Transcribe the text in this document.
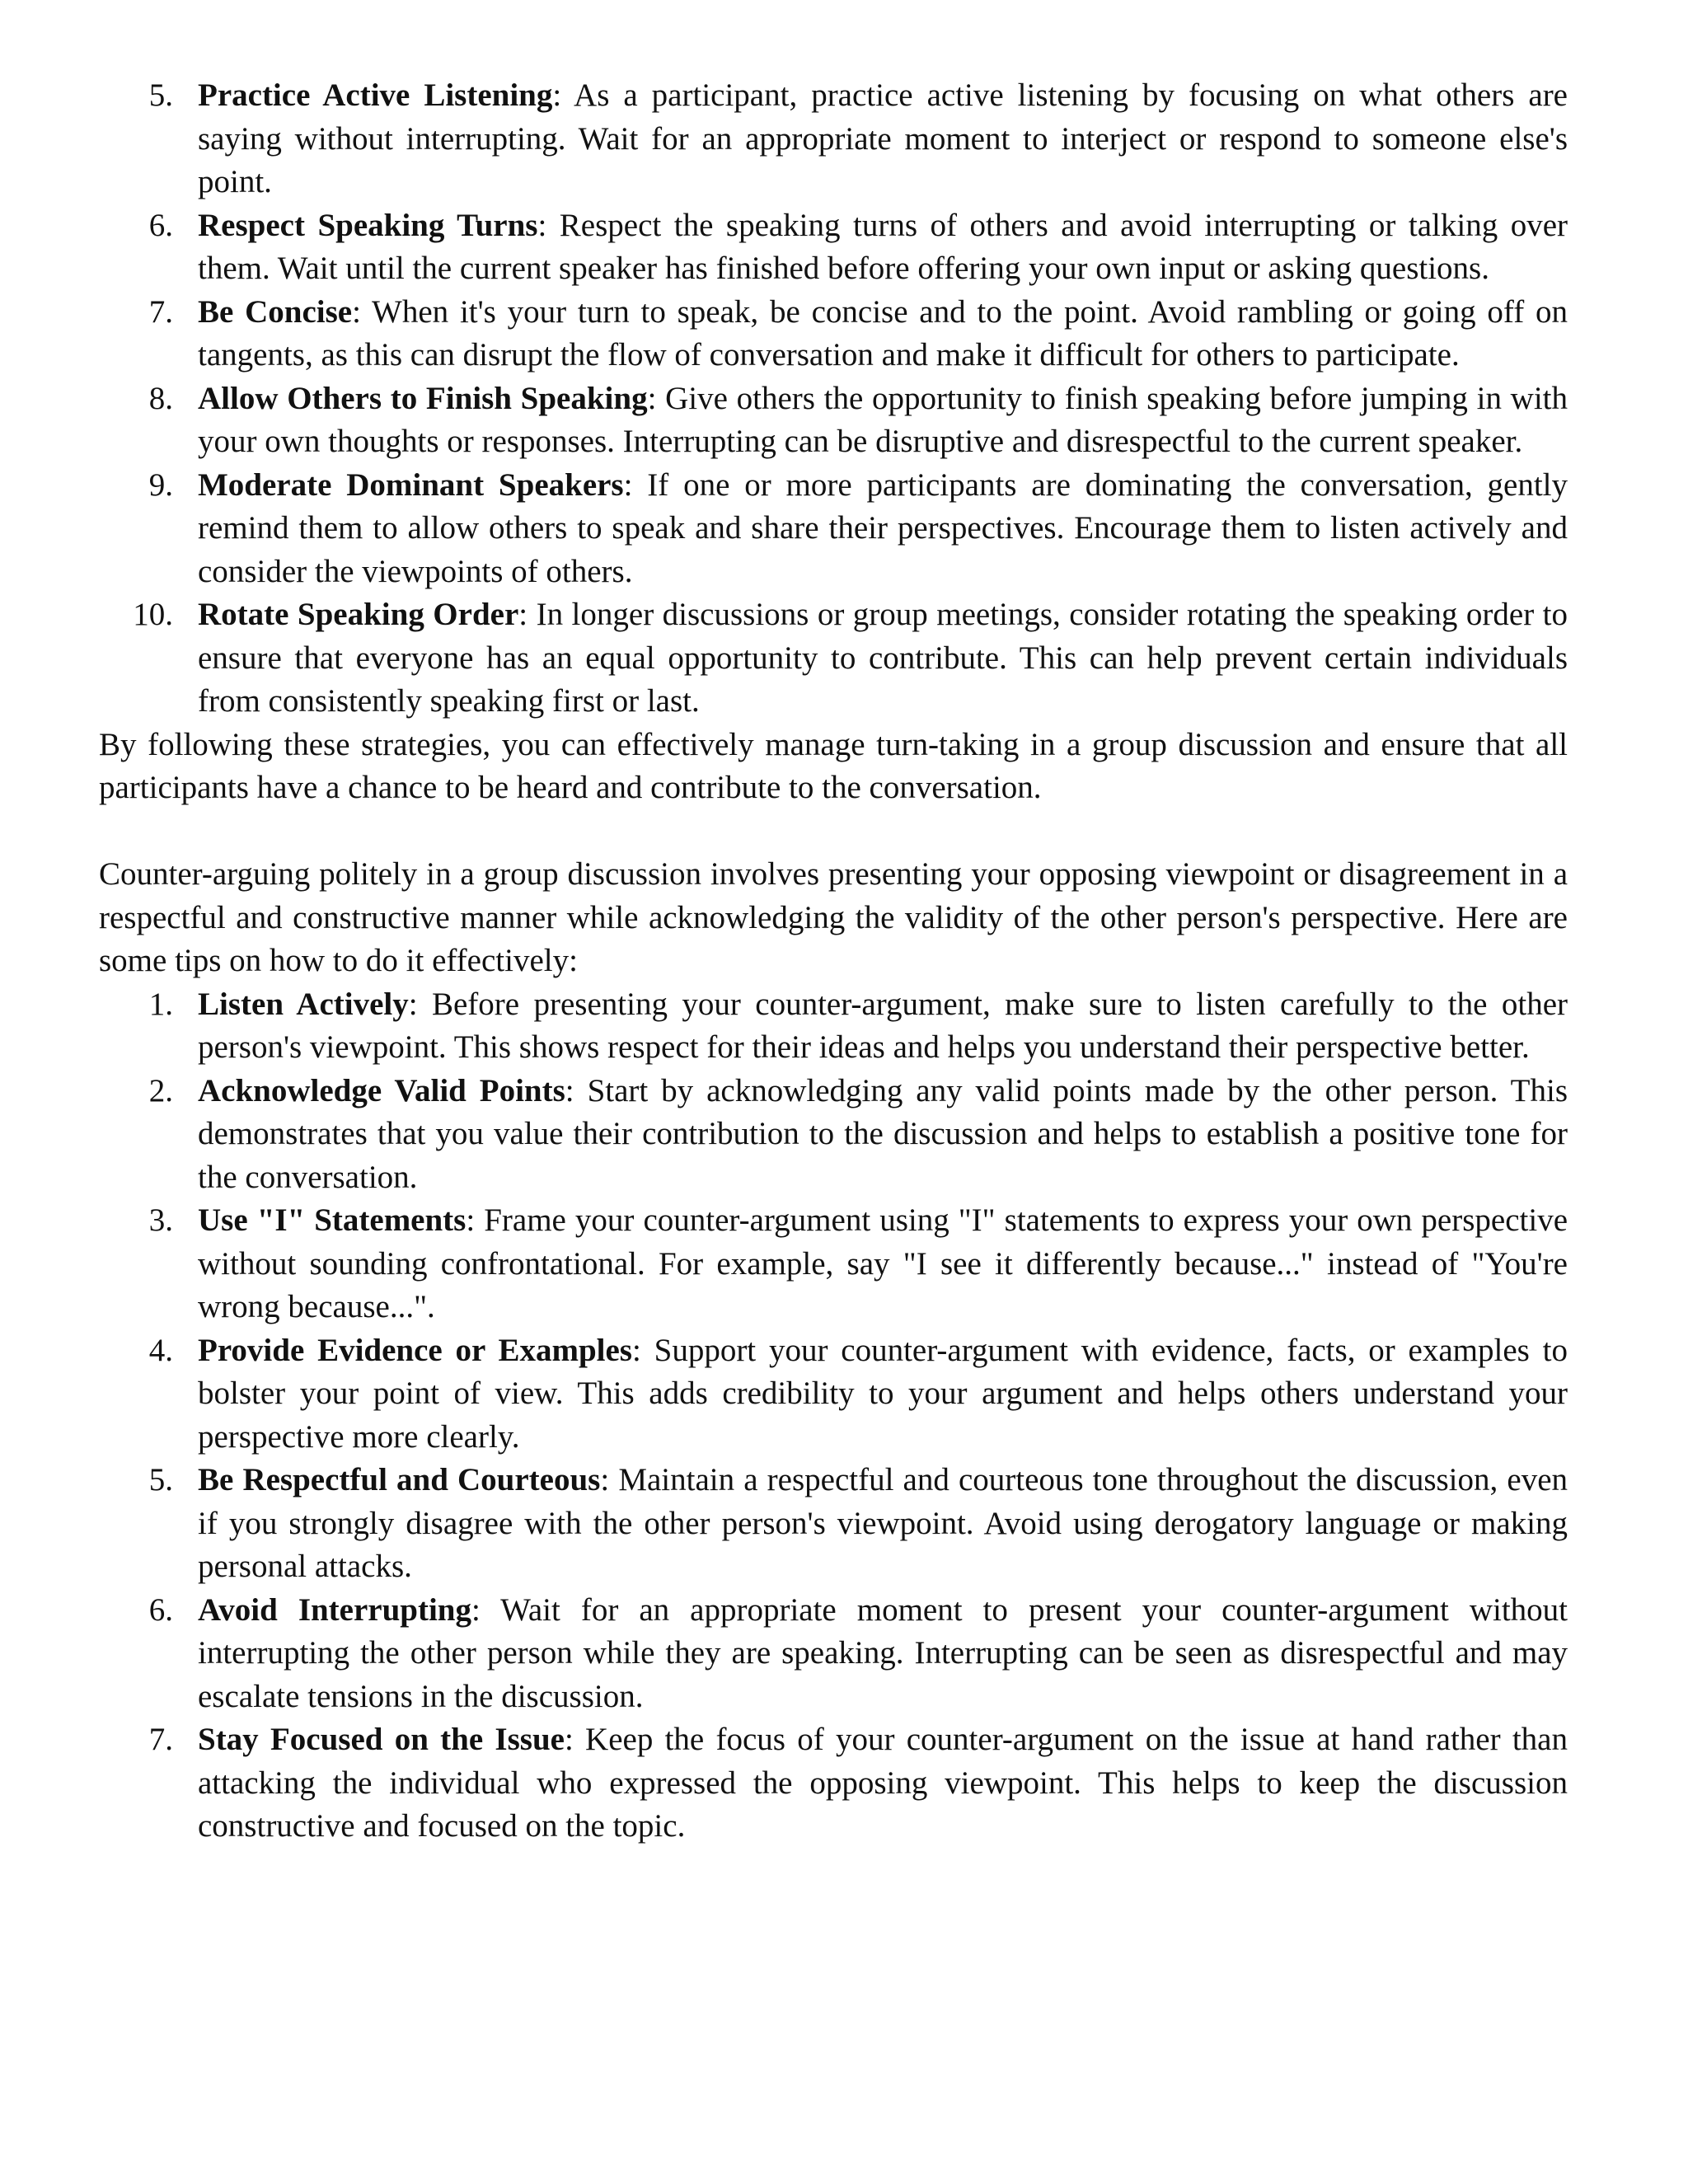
5. Practice Active Listening: As a participant, practice active listening by focusing on what others are saying without interrupting. Wait for an appropriate moment to interject or respond to someone else's point.
6. Respect Speaking Turns: Respect the speaking turns of others and avoid interrupting or talking over them. Wait until the current speaker has finished before offering your own input or asking questions.
7. Be Concise: When it's your turn to speak, be concise and to the point. Avoid rambling or going off on tangents, as this can disrupt the flow of conversation and make it difficult for others to participate.
8. Allow Others to Finish Speaking: Give others the opportunity to finish speaking before jumping in with your own thoughts or responses. Interrupting can be disruptive and disrespectful to the current speaker.
9. Moderate Dominant Speakers: If one or more participants are dominating the conversation, gently remind them to allow others to speak and share their perspectives. Encourage them to listen actively and consider the viewpoints of others.
10. Rotate Speaking Order: In longer discussions or group meetings, consider rotating the speaking order to ensure that everyone has an equal opportunity to contribute. This can help prevent certain individuals from consistently speaking first or last.

By following these strategies, you can effectively manage turn-taking in a group discussion and ensure that all participants have a chance to be heard and contribute to the conversation.

Counter-arguing politely in a group discussion involves presenting your opposing viewpoint or disagreement in a respectful and constructive manner while acknowledging the validity of the other person's perspective. Here are some tips on how to do it effectively:

1. Listen Actively: Before presenting your counter-argument, make sure to listen carefully to the other person's viewpoint. This shows respect for their ideas and helps you understand their perspective better.
2. Acknowledge Valid Points: Start by acknowledging any valid points made by the other person. This demonstrates that you value their contribution to the discussion and helps to establish a positive tone for the conversation.
3. Use "I" Statements: Frame your counter-argument using "I" statements to express your own perspective without sounding confrontational. For example, say "I see it differently because..." instead of "You're wrong because...".
4. Provide Evidence or Examples: Support your counter-argument with evidence, facts, or examples to bolster your point of view. This adds credibility to your argument and helps others understand your perspective more clearly.
5. Be Respectful and Courteous: Maintain a respectful and courteous tone throughout the discussion, even if you strongly disagree with the other person's viewpoint. Avoid using derogatory language or making personal attacks.
6. Avoid Interrupting: Wait for an appropriate moment to present your counter-argument without interrupting the other person while they are speaking. Interrupting can be seen as disrespectful and may escalate tensions in the discussion.
7. Stay Focused on the Issue: Keep the focus of your counter-argument on the issue at hand rather than attacking the individual who expressed the opposing viewpoint. This helps to keep the discussion constructive and focused on the topic.
